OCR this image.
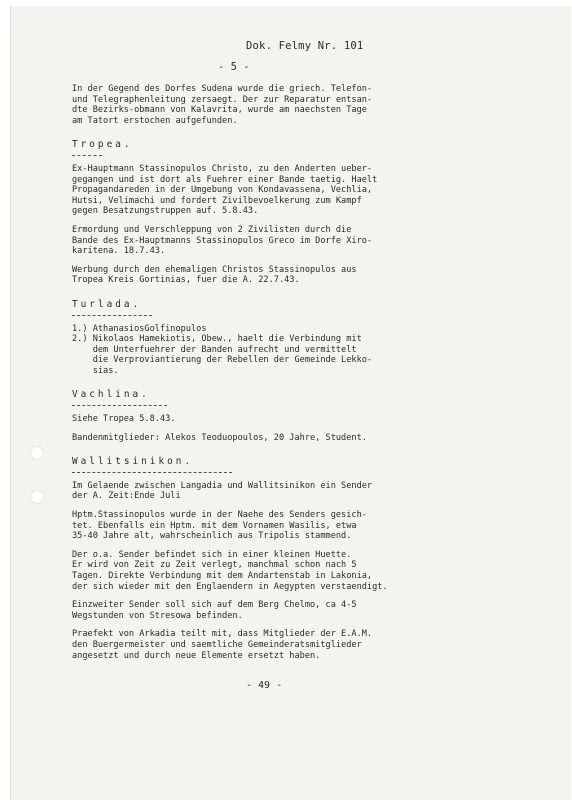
Dok. Felmy Nr. 101
- 5 -

In der Gegend des Dorfes Sudena wurde die griech. Telefon-
und Telegraphenleitung zersaegt. Der zur Reparatur entsan-
dte Bezirks-obmann von Kalavrita, wurde am naechsten Tage
am Tatort erstochen aufgefunden.

Tropea.

Ex-Hauptmann Stassinopulos Christo, zu den Anderten ueber-
gegangen und ist dort als Fuehrer einer Bande taetig. Haelt
Propagandareden in der Umgebung von Kondavassena, Vechlia,
Hutsi, Velimachi und fordert Zivilbevoelkerung zum Kampf
gegen Besatzungstruppen auf. 5.8.43.

Ermordung und Verschleppung von 2 Zivilisten durch die
Bande des Ex-Hauptmanns Stassinopulos Greco im Dorfe Xiro-
karitena. 18.7.43.

Werbung durch den ehemaligen Christos Stassinopulos aus
Tropea Kreis Gortinias, fuer die A. 22.7.43.

Turlada.

1.) AthanasiosGolfinopulos
2.) Nikolaos Hamekiotis, Obew., haelt die Verbindung mit
dem Unterfuehrer der Banden aufrecht und vermittelt
die Verproviantierung der Rebellen der Gemeinde Lekko-
sias.

Vachlina.

Siehe Tropea 5.8.43.

Bandenmitglieder: Alekos Teoduopoulos, 20 Jahre, Student.

Wallitsinikon.

Im Gelaende zwischen Langadia und Wallitsinikon ein Sender
der A. Zeit:Ende Juli

Hptm.Stassinopulos wurde in der Naehe des Senders gesich-
tet. Ebenfalls ein Hptm. mit dem Vornamen Wasilis, etwa
35-40 Jahre alt, wahrscheinlich aus Tripolis stammend.

Der o.a. Sender befindet sich in einer kleinen Huette.
Er wird von Zeit zu Zeit verlegt, manchmal schon nach 5
Tagen. Direkte Verbindung mit dem Andartenstab in Lakonia,
der sich wieder mit den Englaendern in Aegypten verstaendigt.

Einzweiter Sender soll sich auf dem Berg Chelmo, ca 4-5
Wegstunden von Stresowa befinden.

Praefekt von Arkadia teilt mit, dass Mitglieder der E.A.M.
den Buergermeister und saemtliche Gemeinderatsmitglieder
angesetzt und durch neue Elemente ersetzt haben.

- 49 -
